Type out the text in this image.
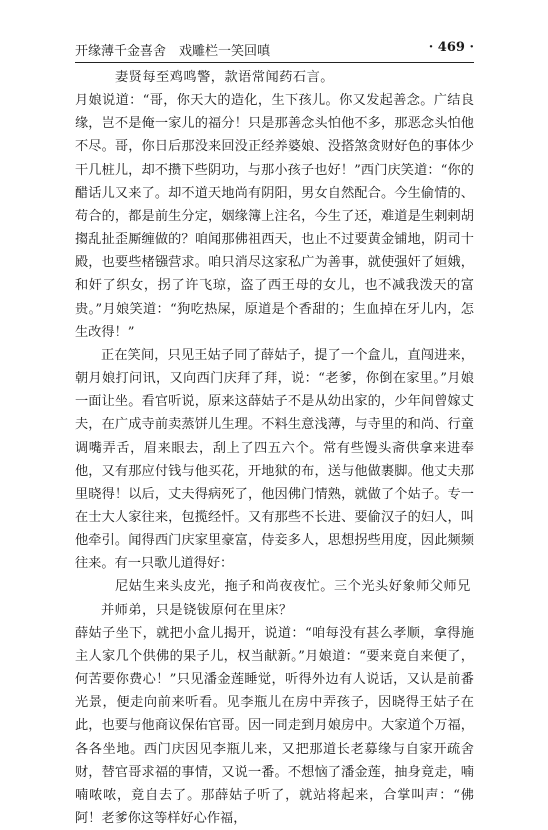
开缘薄千金喜舍　戏雕栏一笑回嗔	· 469 ·

妻贤每至鸡鸣警，款语常闻药石言。

月娘说道：“哥，你天大的造化，生下孩儿。你又发起善念。广结良缘，岂不是俺一家儿的福分！只是那善念头怕他不多，那恶念头怕他不尽。哥，你日后那没来回没正经养婆娘、没搭煞贪财好色的事体少干几桩儿，却不攒下些阴功，与那小孩子也好！”西门庆笑道：“你的醋话儿又来了。却不道天地尚有阴阳，男女自然配合。今生偷情的、苟合的，都是前生分定，姻缘簿上注名，今生了还，难道是生剌剌胡搊乱扯歪厮缠做的？咱闻那佛祖西天，也止不过要黄金铺地，阴司十殿，也要些楮镪营求。咱只消尽这家私广为善事，就使强奸了姮娥，和奸了织女，拐了许飞琼，盗了西王母的女儿，也不减我泼天的富贵。”月娘笑道：“狗吃热屎，原道是个香甜的；生血掉在牙儿内，怎生改得！”

正在笑间，只见王姑子同了薛姑子，提了一个盒儿，直闯进来，朝月娘打问讯，又向西门庆拜了拜，说：“老爹，你倒在家里。”月娘一面让坐。看官听说，原来这薛姑子不是从幼出家的，少年间曾嫁丈夫，在广成寺前卖蒸饼儿生理。不料生意浅薄，与寺里的和尚、行童调嘴弄舌，眉来眼去，刮上了四五六个。常有些馒头斋供拿来进奉他，又有那应付钱与他买花，开地狱的布，送与他做裹脚。他丈夫那里晓得！以后，丈夫得病死了，他因佛门情熟，就做了个姑子。专一在士大人家往来，包揽经忏。又有那些不长进、要偷汉子的妇人，叫他牵引。闻得西门庆家里豪富，侍妾多人，思想拐些用度，因此频频往来。有一只歌儿道得好：

尼姑生来头皮光，拖子和尚夜夜忙。三个光头好象师父师兄

并师弟，只是铙钹原何在里床？

薛姑子坐下，就把小盒儿揭开，说道：“咱每没有甚么孝顺，拿得施主人家几个供佛的果子儿，权当献新。”月娘道：“要来竟自来便了，何苦要你费心！”只见潘金莲睡觉，听得外边有人说话，又认是前番光景，便走向前来听看。见李瓶儿在房中弄孩子，因晓得王姑子在此，也要与他商议保佑官哥。因一同走到月娘房中。大家道个万福，各各坐地。西门庆因见李瓶儿来，又把那道长老募缘与自家开疏舍财，替官哥求福的事情，又说一番。不想恼了潘金莲，抽身竟走，喃喃哝哝，竟自去了。那薛姑子听了，就站将起来，合掌叫声：“佛阿！老爹你这等样好心作福，
